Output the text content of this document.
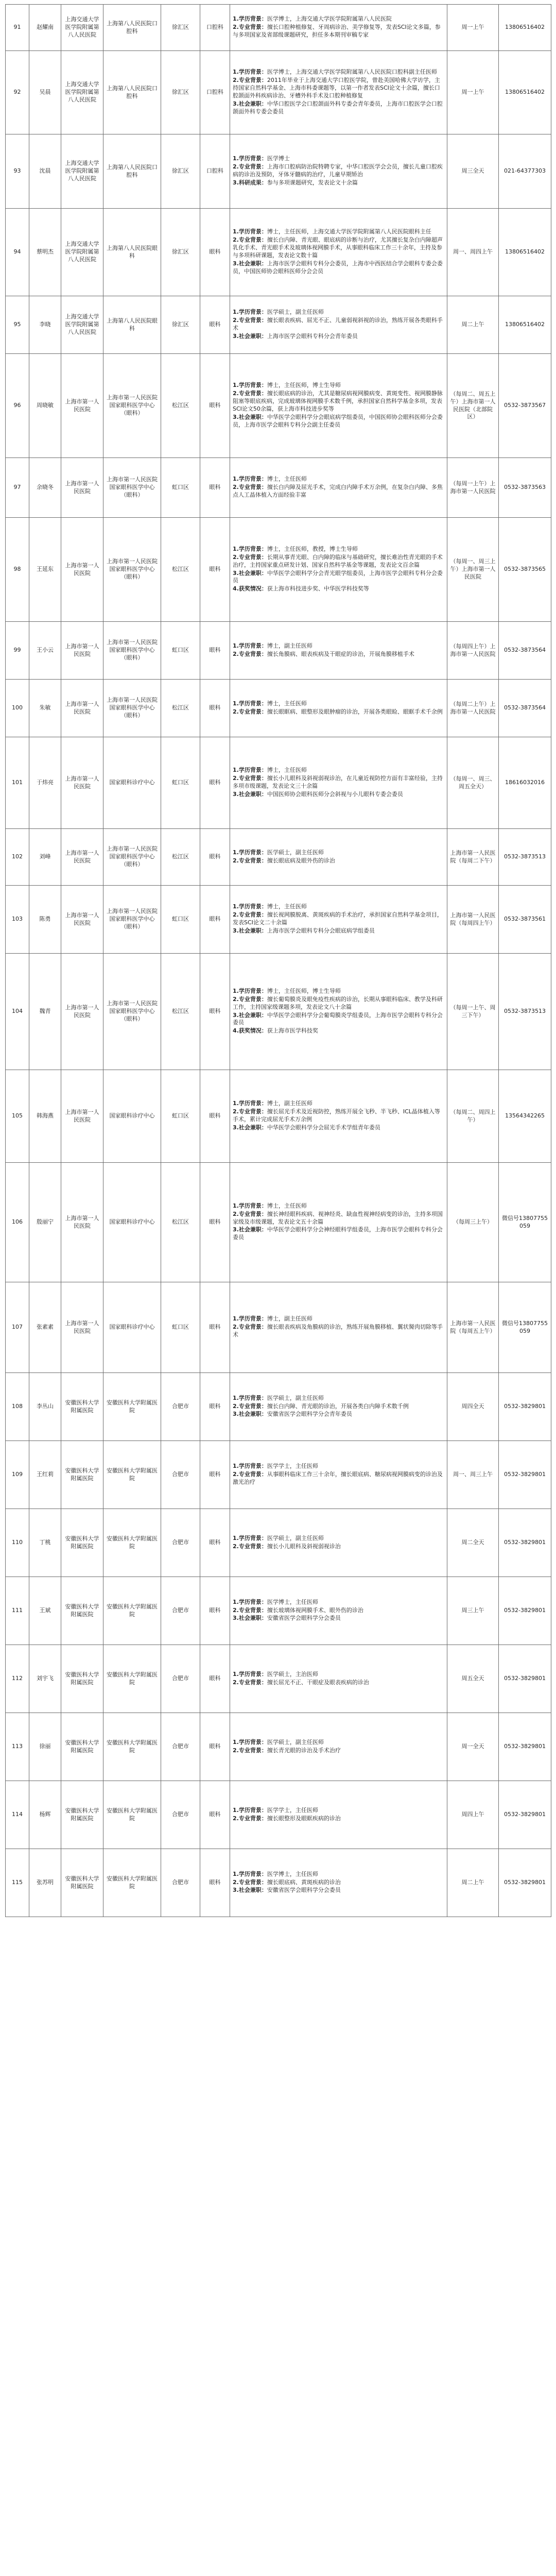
91	赵耀南	上海交通大学医学院附属第八人民医院	上海第八人民医院口腔科	徐汇区	口腔科	1.学历背景：医学博士，上海交通大学医学院附属第八人民医院
2.专业背景：擅长口腔种植修复、牙周病诊治、美学修复等，发表SCI论文多篇，参与多项国家及省部级课题研究，担任多本期刊审稿专家	周一上午	13806516402
92	吴晨	上海交通大学医学院附属第八人民医院	上海第八人民医院口腔科	徐汇区	口腔科	1.学历背景：医学博士，上海交通大学医学院附属第八人民医院口腔科副主任医师
2.专业背景：2011年毕业于上海交通大学口腔医学院，曾赴美国哈佛大学访学，主持国家自然科学基金、上海市科委课题等，以第一作者发表SCI论文十余篇，擅长口腔颌面外科疾病诊治、牙槽外科手术及口腔种植修复
3.社会兼职：中华口腔医学会口腔颌面外科专委会青年委员，上海市口腔医学会口腔颌面外科专委会委员	周一上午	13806516402
93	沈晨	上海交通大学医学院附属第八人民医院	上海第八人民医院口腔科	徐汇区	口腔科	1.学历背景：医学博士
2.专业背景：上海市口腔病防治院特聘专家，中华口腔医学会会员，擅长儿童口腔疾病的诊治及预防，牙体牙髓病的治疗，儿童早期矫治
3.科研成果：参与多项课题研究，发表论文十余篇	周三全天	021-64377303
94	蔡明杰	上海交通大学医学院附属第八人民医院	上海第八人民医院眼科	徐汇区	眼科	1.学历背景：博士，主任医师，上海交通大学医学院附属第八人民医院眼科主任
2.专业背景：擅长白内障、青光眼、眼底病的诊断与治疗，尤其擅长复杂白内障超声乳化手术、青光眼手术及玻璃体视网膜手术，从事眼科临床工作三十余年，主持及参与多项科研课题，发表论文数十篇
3.社会兼职：上海市医学会眼科专科分会委员，上海市中西医结合学会眼科专委会委员，中国医师协会眼科医师分会会员	周一、周四上午	13806516402
95	李晓	上海交通大学医学院附属第八人民医院	上海第八人民医院眼科	徐汇区	眼科	1.学历背景：医学硕士，副主任医师
2.专业背景：擅长眼表疾病、屈光不正、儿童弱视斜视的诊治，熟练开展各类眼科手术
3.社会兼职：上海市医学会眼科专科分会青年委员	周二上午	13806516402
96	周晓敏	上海市第一人民医院	上海市第一人民医院国家眼科医学中心（眼科）	松江区	眼科	1.学历背景：博士，主任医师，博士生导师
2.专业背景：擅长眼底病的诊治，尤其是糖尿病视网膜病变、黄斑变性、视网膜静脉阻塞等眼底疾病，完成玻璃体视网膜手术数千例，承担国家自然科学基金多项，发表SCI论文50余篇，获上海市科技进步奖等
3.社会兼职：中华医学会眼科学分会眼底病学组委员，中国医师协会眼科医师分会委员，上海市医学会眼科专科分会副主任委员	（每周二、周五上午）上海市第一人民医院（北部院区）	0532-3873567
97	余晓冬	上海市第一人民医院	上海市第一人民医院国家眼科医学中心（眼科）	虹口区	眼科	1.学历背景：博士，主任医师
2.专业背景：擅长白内障及屈光手术，完成白内障手术万余例，在复杂白内障、多焦点人工晶体植入方面经验丰富	（每周一上午）上海市第一人民医院	0532-3873563
98	王延东	上海市第一人民医院	上海市第一人民医院国家眼科医学中心（眼科）	松江区	眼科	1.学历背景：博士，主任医师，教授，博士生导师
2.专业背景：长期从事青光眼、白内障的临床与基础研究，擅长难治性青光眼的手术治疗，主持国家重点研发计划、国家自然科学基金等课题，发表论文百余篇
3.社会兼职：中华医学会眼科学分会青光眼学组委员，上海市医学会眼科专科分会委员
4.获奖情况：获上海市科技进步奖、中华医学科技奖等	（每周一、周三上午）上海市第一人民医院	0532-3873565
99	王小云	上海市第一人民医院	上海市第一人民医院国家眼科医学中心（眼科）	虹口区	眼科	1.学历背景：博士，副主任医师
2.专业背景：擅长角膜病、眼表疾病及干眼症的诊治，开展角膜移植手术	（每周四上午）上海市第一人民医院	0532-3873564
100	朱敏	上海市第一人民医院	上海市第一人民医院国家眼科医学中心（眼科）	松江区	眼科	1.学历背景：博士，主任医师
2.专业背景：擅长眼眶病、眼整形及眼肿瘤的诊治，开展各类眼睑、眼眶手术千余例	（每周二上午）上海市第一人民医院	0532-3873564
101	于炜亮	上海市第一人民医院	国家眼科诊疗中心	虹口区	眼科	1.学历背景：博士，主任医师
2.专业背景：擅长小儿眼科及斜视弱视诊治，在儿童近视防控方面有丰富经验，主持多项市级课题，发表论文三十余篇
3.社会兼职：中国医师协会眼科医师分会斜视与小儿眼科专委会委员	（每周一、周三、周五全天）	18616032016
102	刘峰	上海市第一人民医院	上海市第一人民医院国家眼科医学中心（眼科）	松江区	眼科	1.学历背景：医学硕士，副主任医师
2.专业背景：擅长眼底病及眼外伤的诊治	上海市第一人民医院（每周二下午）	0532-3873513
103	陈勇	上海市第一人民医院	上海市第一人民医院国家眼科医学中心（眼科）	虹口区	眼科	1.学历背景：博士，主任医师
2.专业背景：擅长视网膜脱离、黄斑疾病的手术治疗，承担国家自然科学基金项目，发表SCI论文二十余篇
3.社会兼职：上海市医学会眼科专科分会眼底病学组委员	上海市第一人民医院（每周四上午）	0532-3873561
104	魏青	上海市第一人民医院	上海市第一人民医院国家眼科医学中心（眼科）	松江区	眼科	1.学历背景：博士，主任医师，博士生导师
2.专业背景：擅长葡萄膜炎及眼免疫性疾病的诊治，长期从事眼科临床、教学及科研工作，主持国家级课题多项，发表论文八十余篇
3.社会兼职：中华医学会眼科学分会葡萄膜炎学组委员，上海市医学会眼科专科分会委员
4.获奖情况：获上海市医学科技奖	（每周一上午、周三下午）	0532-3873513
105	韩海燕	上海市第一人民医院	国家眼科诊疗中心	虹口区	眼科	1.学历背景：博士，副主任医师
2.专业背景：擅长屈光手术及近视防控，熟练开展全飞秒、半飞秒、ICL晶体植入等手术，累计完成屈光手术万余例
3.社会兼职：中华医学会眼科学分会屈光手术学组青年委员	（每周二、周四上午）	13564342265
106	殷丽宁	上海市第一人民医院	国家眼科诊疗中心	松江区	眼科	1.学历背景：博士，主任医师
2.专业背景：擅长神经眼科疾病、视神经炎、缺血性视神经病变的诊治，主持多项国家级及市级课题，发表论文五十余篇
3.社会兼职：中华医学会眼科学分会神经眼科学组委员，上海市医学会眼科专科分会委员	（每周三上午）	微信号13807755059
107	张素素	上海市第一人民医院	国家眼科诊疗中心	虹口区	眼科	1.学历背景：博士，副主任医师
2.专业背景：擅长眼表疾病及角膜病的诊治，熟练开展角膜移植、翼状胬肉切除等手术	上海市第一人民医院（每周五上午）	微信号13807755059
108	李丛山	安徽医科大学附属医院	安徽医科大学附属医院	合肥市	眼科	1.学历背景：医学硕士，副主任医师
2.专业背景：擅长白内障、青光眼的诊治，开展各类白内障手术数千例
3.社会兼职：安徽省医学会眼科学分会青年委员	周四全天	0532-3829801
109	王红莉	安徽医科大学附属医院	安徽医科大学附属医院	合肥市	眼科	1.学历背景：医学学士，主任医师
2.专业背景：从事眼科临床工作三十余年，擅长眼底病、糖尿病视网膜病变的诊治及激光治疗	周一、周三上午	0532-3829801
110	丁桃	安徽医科大学附属医院	安徽医科大学附属医院	合肥市	眼科	1.学历背景：医学硕士，副主任医师
2.专业背景：擅长小儿眼科及斜视弱视诊治	周二全天	0532-3829801
111	王斌	安徽医科大学附属医院	安徽医科大学附属医院	合肥市	眼科	1.学历背景：医学博士，主任医师
2.专业背景：擅长玻璃体视网膜手术、眼外伤的诊治
3.社会兼职：安徽省医学会眼科学分会委员	周三上午	0532-3829801
112	刘宇飞	安徽医科大学附属医院	安徽医科大学附属医院	合肥市	眼科	1.学历背景：医学硕士，主治医师
2.专业背景：擅长屈光不正、干眼症及眼表疾病的诊治	周五全天	0532-3829801
113	徐丽	安徽医科大学附属医院	安徽医科大学附属医院	合肥市	眼科	1.学历背景：医学硕士，副主任医师
2.专业背景：擅长青光眼的诊治及手术治疗	周一全天	0532-3829801
114	杨辉	安徽医科大学附属医院	安徽医科大学附属医院	合肥市	眼科	1.学历背景：医学学士，主任医师
2.专业背景：擅长眼整形及眼眶疾病的诊治	周四上午	0532-3829801
115	张苏明	安徽医科大学附属医院	安徽医科大学附属医院	合肥市	眼科	1.学历背景：医学博士，主任医师
2.专业背景：擅长眼底病、黄斑疾病的诊治
3.社会兼职：安徽省医学会眼科学分会委员	周二上午	0532-3829801
